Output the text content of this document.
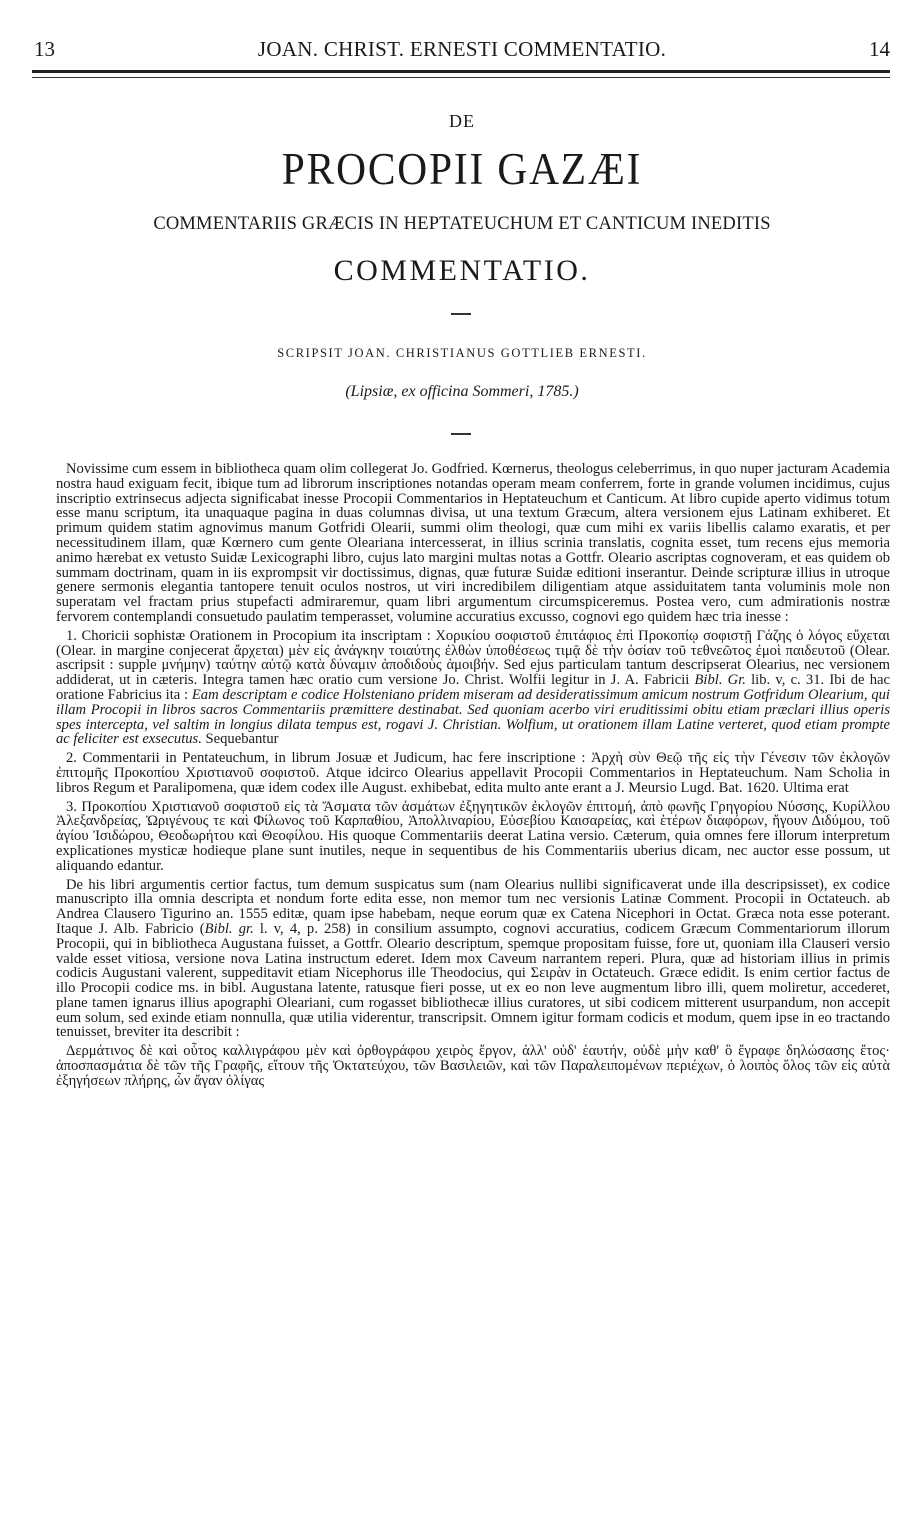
JOAN. CHRIST. ERNESTI COMMENTATIO.
13	14
DE
PROCOPII GAZÆI
COMMENTARIIS GRÆCIS IN HEPTATEUCHUM ET CANTICUM INEDITIS
COMMENTATIO.
SCRIPSIT JOAN. CHRISTIANUS GOTTLIEB ERNESTI.
(Lipsiæ, ex officina Sommeri, 1785.)

Novissime cum essem in bibliotheca quam olim collegerat Jo. Godfried. Kœrnerus, theologus celeberrimus, in quo nuper jacturam Academia nostra haud exiguam fecit, ibique tum ad librorum inscriptiones notandas operam meam conferrem, forte in grande volumen incidimus, cujus inscriptio extrinsecus adjecta significabat inesse Procopii Commentarios in Heptateuchum et Canticum. At libro cupide aperto vidimus totum esse manu scriptum, ita unaquaque pagina in duas columnas divisa, ut una textum Græcum, altera versionem ejus Latinam exhiberet. Et primum quidem statim agnovimus manum Gotfridi Olearii, summi olim theologi, quæ cum mihi ex variis libellis calamo exaratis, et per necessitudinem illam, quæ Kœrnero cum gente Oleariana intercesserat, in illius scrinia translatis, cognita esset, tum recens ejus memoria animo hærebat ex vetusto Suidæ Lexicographi libro, cujus lato margini multas notas a Gottfr. Oleario ascriptas cognoveram, et eas quidem ob summam doctrinam, quam in iis exprompsit vir doctissimus, dignas, quæ futuræ Suidæ editioni inserantur. Deinde scripturæ illius in utroque genere sermonis elegantia tantopere tenuit oculos nostros, ut viri incredibilem diligentiam atque assiduitatem tanta voluminis mole non superatam vel fractam prius stupefacti admiraremur, quam libri argumentum circumspiceremus. Postea vero, cum admirationis nostræ fervorem contemplandi consuetudo paulatim temperasset, volumine accuratius excusso, cognovi ego quidem hæc tria inesse :

1. Choricii sophistæ Orationem in Procopium ita inscriptam : Χορικίου σοφιστοῦ ἐπιτάφιος ἐπὶ Προκοπίῳ σοφιστῇ Γάζης ὁ λόγος εὔχεται (Olear. in margine conjecerat ἄρχεται) μὲν εἰς ἀνάγκην τοιαύτης ἐλθὼν ὑποθέσεως τιμᾷ δὲ τὴν ὁσίαν τοῦ τεθνεῶτος ἐμοὶ παιδευτοῦ (Olear. ascripsit : supple μνήμην) ταύτην αὐτῷ κατὰ δύναμιν ἀποδιδοὺς ἀμοιβήν. Sed ejus particulam tantum descripserat Olearius, nec versionem addiderat, ut in cæteris. Integra tamen hæc oratio cum versione Jo. Christ. Wolfii legitur in J. A. Fabricii Bibl. Gr. lib. v, c. 31. Ibi de hac oratione Fabricius ita : Eam descriptam e codice Holsteniano pridem miseram ad desideratissimum amicum nostrum Gotfridum Olearium, qui illam Procopii in libros sacros Commentariis præmittere destinabat. Sed quoniam acerbo viri eruditissimi obitu etiam præclari illius operis spes intercepta, vel saltim in longius dilata tempus est, rogavi J. Christian. Wolfium, ut orationem illam Latine verteret, quod etiam prompte ac feliciter est exsecutus. Sequebantur

2. Commentarii in Pentateuchum, in librum Josuæ et Judicum, hac fere inscriptione : Ἀρχὴ σὺν Θεῷ τῆς εἰς τὴν Γένεσιν τῶν ἐκλογῶν ἐπιτομῆς Προκοπίου Χριστιανοῦ σοφιστοῦ. Atque idcirco Olearius appellavit Procopii Commentarios in Heptateuchum. Nam Scholia in libros Regum et Paralipomena, quæ idem codex ille August. exhibebat, edita multo ante erant a J. Meursio Lugd. Bat. 1620. Ultima erat

3. Προκοπίου Χριστιανοῦ σοφιστοῦ εἰς τὰ Ἄσματα τῶν ἀσμάτων ἐξηγητικῶν ἐκλογῶν ἐπιτομή, ἀπὸ φωνῆς Γρηγορίου Νύσσης, Κυρίλλου Ἀλεξανδρείας, Ὠριγένους τε καὶ Φίλωνος τοῦ Καρπαθίου, Ἀπολλιναρίου, Εὐσεβίου Καισαρείας, καὶ ἑτέρων διαφόρων, ἤγουν Διδύμου, τοῦ ἁγίου Ἰσιδώρου, Θεοδωρήτου καὶ Θεοφίλου. His quoque Commentariis deerat Latina versio. Cæterum, quia omnes fere illorum interpretum explicationes mysticæ hodieque plane sunt inutiles, neque in sequentibus de his Commentariis uberius dicam, nec auctor esse possum, ut aliquando edantur.

De his libri argumentis certior factus, tum demum suspicatus sum (nam Olearius nullibi significaverat unde illa descripsisset), ex codice manuscripto illa omnia descripta et nondum forte edita esse, non memor tum nec versionis Latinæ Comment. Procopii in Octateuch. ab Andrea Clausero Tigurino an. 1555 editæ, quam ipse habebam, neque eorum quæ ex Catena Nicephori in Octat. Græca nota esse poterant. Itaque J. Alb. Fabricio (Bibl. gr. l. v, 4, p. 258) in consilium assumpto, cognovi accuratius, codicem Græcum Commentariorum illorum Procopii, qui in bibliotheca Augustana fuisset, a Gottfr. Oleario descriptum, spemque propositam fuisse, fore ut, quoniam illa Clauseri versio valde esset vitiosa, versione nova Latina instructum ederet. Idem mox Caveum narrantem reperi. Plura, quæ ad historiam illius in primis codicis Augustani valerent, suppeditavit etiam Nicephorus ille Theodocius, qui Σειρὰν in Octateuch. Græce edidit. Is enim certior factus de illo Procopii codice ms. in bibl. Augustana latente, ratusque fieri posse, ut ex eo non leve augmentum libro illi, quem moliretur, accederet, plane tamen ignarus illius apographi Oleariani, cum rogasset bibliothecæ illius curatores, ut sibi codicem mitterent usurpandum, non accepit eum solum, sed exinde etiam nonnulla, quæ utilia viderentur, transcripsit. Omnem igitur formam codicis et modum, quem ipse in eo tractando tenuisset, breviter ita describit :

Δερμάτινος δὲ καὶ οὗτος καλλιγράφου μὲν καὶ ὀρθογράφου χειρὸς ἔργον, ἀλλ' οὐδ' ἑαυτήν, οὐδὲ μὴν καθ' ὃ ἔγραφε δηλώσασης ἔτος· ἀποσπασμάτια δὲ τῶν τῆς Γραφῆς, εἴτουν τῆς Ὀκτατεύχου, τῶν Βασιλειῶν, καὶ τῶν Παραλειπομένων περιέχων, ὁ λοιπὸς ὅλος τῶν εἰς αὐτὰ ἐξηγήσεων πλήρης, ὧν ἄγαν ὀλίγας
